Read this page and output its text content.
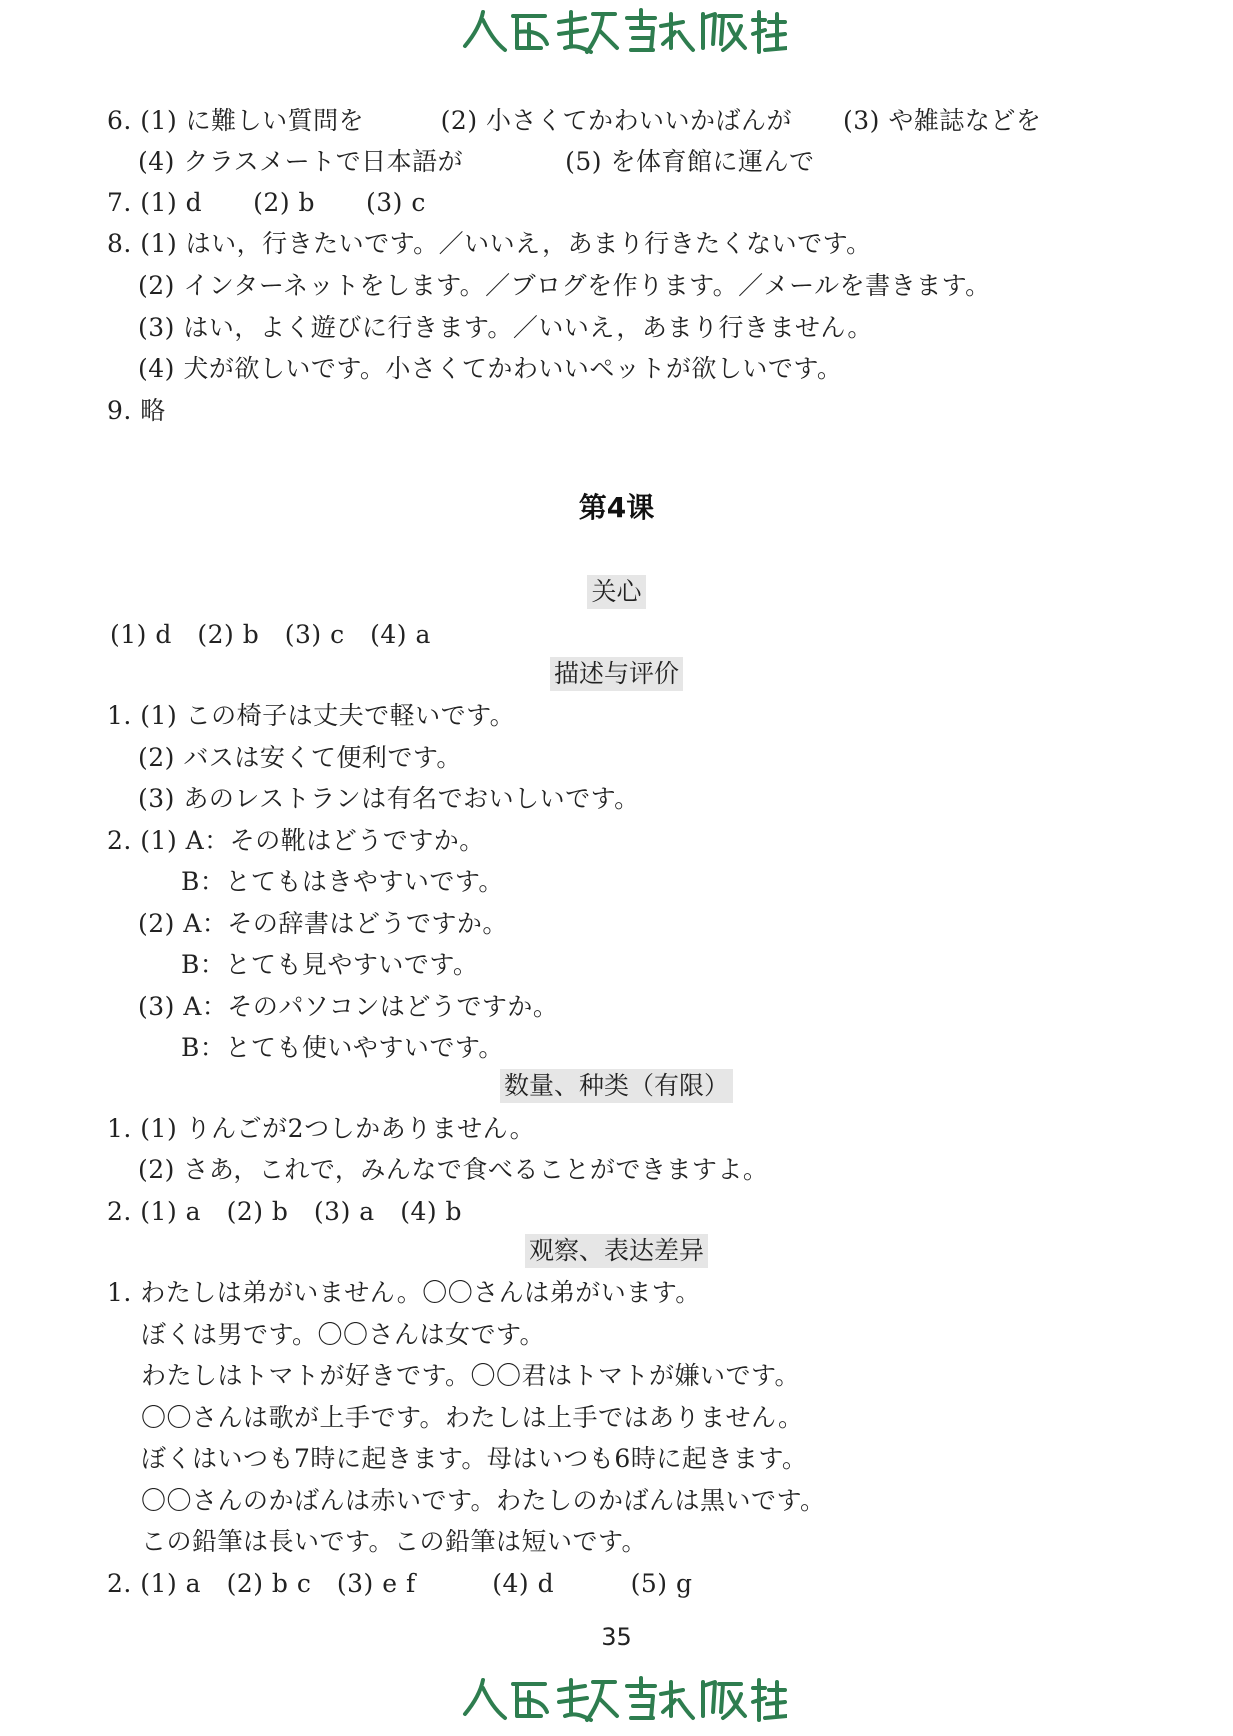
6. (1) に難しい質問を　　　(2) 小さくてかわいいかばんが　　(3) や雑誌などを
(4) クラスメートで日本語が　　　　(5) を体育館に運んで
7. (1) d　　(2) b　　(3) c
8. (1) はい，行きたいです。／いいえ，あまり行きたくないです。
(2) インターネットをします。／ブログを作ります。／メールを書きます。
(3) はい，よく遊びに行きます。／いいえ，あまり行きません。
(4) 犬が欲しいです。小さくてかわいいペットが欲しいです。
9. 略
第4课
关心
(1) d　(2) b　(3) c　(4) a
描述与评价
1. (1) この椅子は丈夫で軽いです。
(2) バスは安くて便利です。
(3) あのレストランは有名でおいしいです。
2. (1) A：その靴はどうですか。
B：とてもはきやすいです。
(2) A：その辞書はどうですか。
B：とても見やすいです。
(3) A：そのパソコンはどうですか。
B：とても使いやすいです。
数量、种类（有限）
1. (1) りんごが2つしかありません。
(2) さあ，これで，みんなで食べることができますよ。
2. (1) a　(2) b　(3) a　(4) b
观察、表达差异
1. わたしは弟がいません。〇〇さんは弟がいます。
ぼくは男です。〇〇さんは女です。
わたしはトマトが好きです。〇〇君はトマトが嫌いです。
〇〇さんは歌が上手です。わたしは上手ではありません。
ぼくはいつも7時に起きます。母はいつも6時に起きます。
〇〇さんのかばんは赤いです。わたしのかばんは黒いです。
この鉛筆は長いです。この鉛筆は短いです。
2. (1) a　(2) b c　(3) e f　　　(4) d　　　(5) g
35
